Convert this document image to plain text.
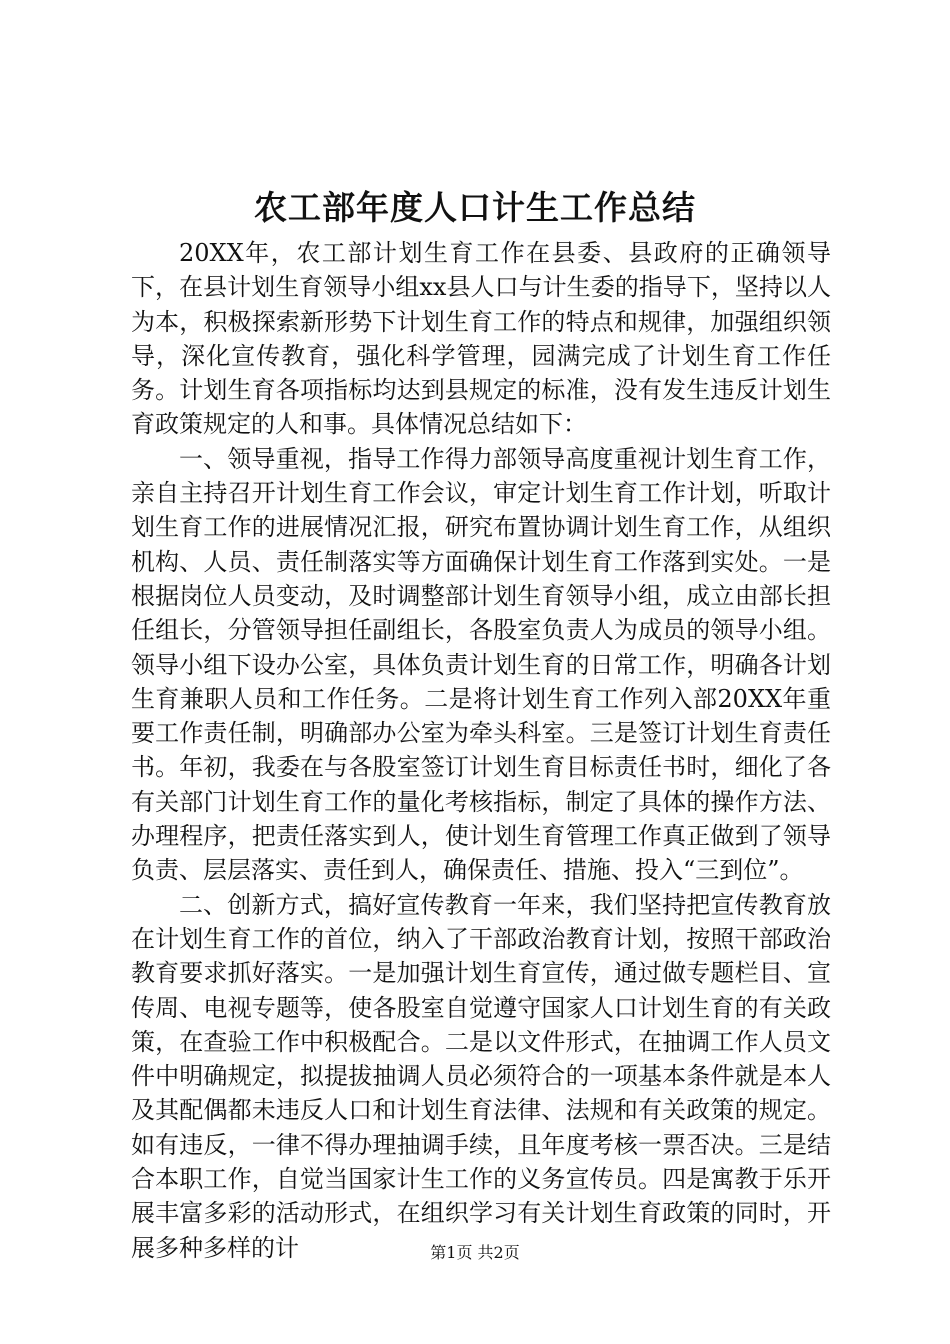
农工部年度人口计生工作总结

20XX年，农工部计划生育工作在县委、县政府的正确领导下，在县计划生育领导小组xx县人口与计生委的指导下，坚持以人为本，积极探索新形势下计划生育工作的特点和规律，加强组织领导，深化宣传教育，强化科学管理，园满完成了计划生育工作任务。计划生育各项指标均达到县规定的标准，没有发生违反计划生育政策规定的人和事。具体情况总结如下：

一、领导重视，指导工作得力部领导高度重视计划生育工作，亲自主持召开计划生育工作会议，审定计划生育工作计划，听取计划生育工作的进展情况汇报，研究布置协调计划生育工作，从组织机构、人员、责任制落实等方面确保计划生育工作落到实处。一是根据岗位人员变动，及时调整部计划生育领导小组，成立由部长担任组长，分管领导担任副组长，各股室负责人为成员的领导小组。领导小组下设办公室，具体负责计划生育的日常工作，明确各计划生育兼职人员和工作任务。二是将计划生育工作列入部20XX年重要工作责任制，明确部办公室为牵头科室。三是签订计划生育责任书。年初，我委在与各股室签订计划生育目标责任书时，细化了各有关部门计划生育工作的量化考核指标，制定了具体的操作方法、办理程序，把责任落实到人，使计划生育管理工作真正做到了领导负责、层层落实、责任到人，确保责任、措施、投入“三到位”。

二、创新方式，搞好宣传教育一年来，我们坚持把宣传教育放在计划生育工作的首位，纳入了干部政治教育计划，按照干部政治教育要求抓好落实。一是加强计划生育宣传，通过做专题栏目、宣传周、电视专题等，使各股室自觉遵守国家人口计划生育的有关政策，在查验工作中积极配合。二是以文件形式，在抽调工作人员文件中明确规定，拟提拔抽调人员必须符合的一项基本条件就是本人及其配偶都未违反人口和计划生育法律、法规和有关政策的规定。如有违反，一律不得办理抽调手续，且年度考核一票否决。三是结合本职工作，自觉当国家计生工作的义务宣传员。四是寓教于乐开展丰富多彩的活动形式，在组织学习有关计划生育政策的同时，开展多种多样的计	第1页 共2页
